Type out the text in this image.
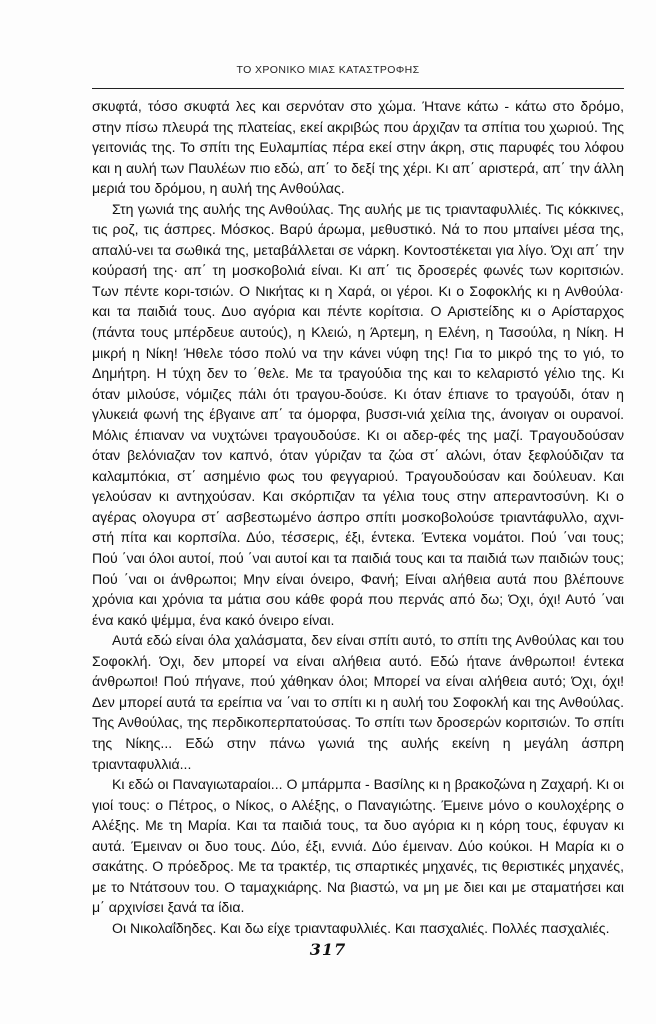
ΤΟ ΧΡΟΝΙΚΟ ΜΙΑΣ ΚΑΤΑΣΤΡΟΦΗΣ

σκυφτά, τόσο σκυφτά λες και σερνόταν στο χώμα. Ήτανε κάτω - κάτω στο δρόμο, στην πίσω πλευρά της πλατείας, εκεί ακριβώς που άρχιζαν τα σπίτια του χωριού. Της γειτονιάς της. Το σπίτι της Ευλαμπίας πέρα εκεί στην άκρη, στις παρυφές του λόφου και η αυλή των Παυλέων πιο εδώ, απ΄ το δεξί της χέρι. Κι απ΄ αριστερά, απ΄ την άλλη μεριά του δρόμου, η αυλή της Ανθούλας.

Στη γωνιά της αυλής της Ανθούλας. Της αυλής με τις τριανταφυλλιές. Τις κόκκινες, τις ροζ, τις άσπρες. Μόσκος. Βαρύ άρωμα, μεθυστικό. Νά το που μπαίνει μέσα της, απαλύ-νει τα σωθικά της, μεταβάλλεται σε νάρκη. Κοντοστέκεται για λίγο. Όχι απ΄ την κούρασή της· απ΄ τη μοσκοβολιά είναι. Κι απ΄ τις δροσερές φωνές των κοριτσιών. Των πέντε κορι-τσιών. Ο Νικήτας κι η Χαρά, οι γέροι. Κι ο Σοφοκλής κι η Ανθούλα· και τα παιδιά τους. Δυο αγόρια και πέντε κορίτσια. Ο Αριστείδης κι ο Αρίσταρχος (πάντα τους μπέρδευε αυτούς), η Κλειώ, η Άρτεμη, η Ελένη, η Τασούλα, η Νίκη. Η μικρή η Νίκη! Ήθελε τόσο πολύ να την κάνει νύφη της! Για το μικρό της το γιό, το Δημήτρη. Η τύχη δεν το ΄θελε. Με τα τραγούδια της και το κελαριστό γέλιο της. Κι όταν μιλούσε, νόμιζες πάλι ότι τραγου-δούσε. Κι όταν έπιανε το τραγούδι, όταν η γλυκειά φωνή της έβγαινε απ΄ τα όμορφα, βυσσι-νιά χείλια της, άνοιγαν οι ουρανοί. Μόλις έπιαναν να νυχτώνει τραγουδούσε. Κι οι αδερ-φές της μαζί. Τραγουδούσαν όταν βελόνιαζαν τον καπνό, όταν γύριζαν τα ζώα στ΄ αλώνι, όταν ξεφλούδιζαν τα καλαμπόκια, στ΄ ασημένιο φως του φεγγαριού. Τραγουδούσαν και δούλευαν. Και γελούσαν κι αντηχούσαν. Και σκόρπιζαν τα γέλια τους στην απεραντοσύνη. Κι ο αγέρας ολογυρα στ΄ ασβεστωμένο άσπρο σπίτι μοσκοβολούσε τριαντάφυλλο, αχνι-στή πίτα και κορπσίλα. Δύο, τέσσερις, έξι, έντεκα. Έντεκα νομάτοι. Πού ΄ναι τους; Πού ΄ναι όλοι αυτοί, πού ΄ναι αυτοί και τα παιδιά τους και τα παιδιά των παιδιών τους; Πού ΄ναι οι άνθρωποι; Μην είναι όνειρο, Φανή; Είναι αλήθεια αυτά που βλέπουνε χρόνια και χρόνια τα μάτια σου κάθε φορά που περνάς από δω; Όχι, όχι! Αυτό ΄ναι ένα κακό ψέμμα, ένα κακό όνειρο είναι.

Αυτά εδώ είναι όλα χαλάσματα, δεν είναι σπίτι αυτό, το σπίτι της Ανθούλας και του Σοφοκλή. Όχι, δεν μπορεί να είναι αλήθεια αυτό. Εδώ ήτανε άνθρωποι! έντεκα άνθρωποι! Πού πήγανε, πού χάθηκαν όλοι; Μπορεί να είναι αλήθεια αυτό; Όχι, όχι! Δεν μπορεί αυτά τα ερείπια να ΄ναι το σπίτι κι η αυλή του Σοφοκλή και της Ανθούλας. Της Ανθούλας, της περδικοπερπατούσας. Το σπίτι των δροσερών κοριτσιών. Το σπίτι της Νίκης... Εδώ στην πάνω γωνιά της αυλής εκείνη η μεγάλη άσπρη τριανταφυλλιά...

Κι εδώ οι Παναγιωταραίοι... Ο μπάρμπα - Βασίλης κι η βρακοζώνα η Ζαχαρή. Κι οι γιοί τους: ο Πέτρος, ο Νίκος, ο Αλέξης, ο Παναγιώτης. Έμεινε μόνο ο κουλοχέρης ο Αλέξης. Με τη Μαρία. Και τα παιδιά τους, τα δυο αγόρια κι η κόρη τους, έφυγαν κι αυτά. Έμειναν οι δυο τους. Δύο, έξι, εννιά. Δύο έμειναν. Δύο κούκοι. Η Μαρία κι ο σακάτης. Ο πρόεδρος. Με τα τρακτέρ, τις σπαρτικές μηχανές, τις θεριστικές μηχανές, με το Ντάτσουν του. Ο ταμαχκιάρης. Να βιαστώ, να μη με διει και με σταματήσει και μ΄ αρχινίσει ξανά τα ίδια.

Οι Νικολαΐδηδες. Και δω είχε τριανταφυλλιές. Και πασχαλιές. Πολλές πασχαλιές.

317
